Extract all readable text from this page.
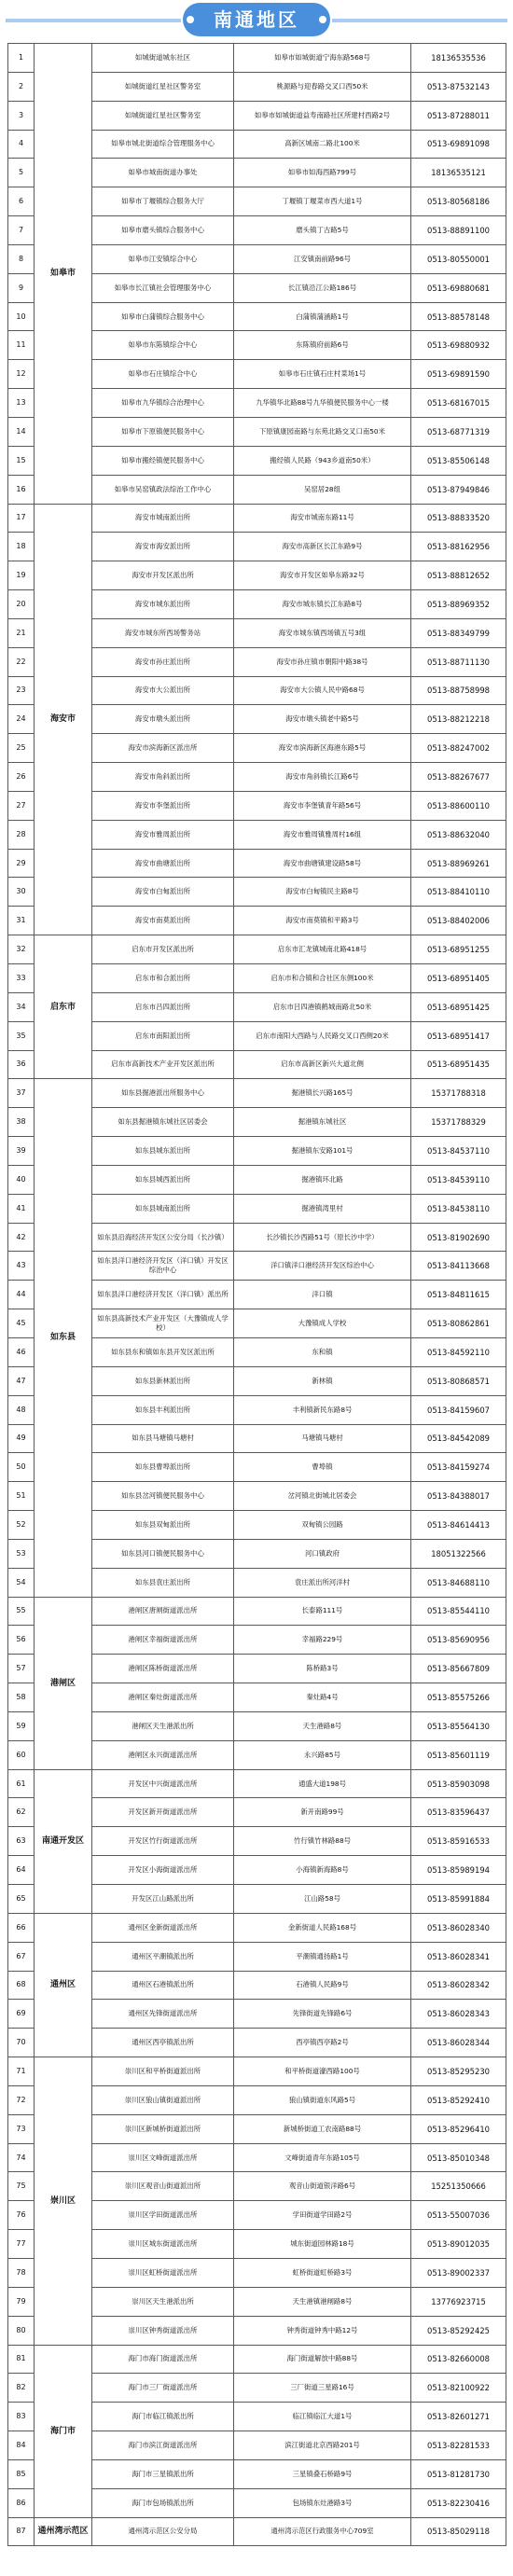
南通地区
1	如皋市	如城街道城东社区	如皋市如城街道宁海东路568号	18136535536
2		如城街道红星社区警务室	桃源路与迎春路交叉口西50米	0513-87532143
3		如城街道红星社区警务室	如皋市如城街道益寿南路社区所建村西路2号	0513-87288011
4		如皋市城北街道综合管理服务中心	高新区城南二路北100米	0513-69891098
5		如皋市城南街道办事处	如皋市如海西路799号	18136535121
6		如皋市丁堰镇综合服务大厅	丁堰镇丁堰菜市西大道1号	0513-80568186
7		如皋市磨头镇综合服务中心	磨头镇丁古路5号	0513-88891100
8		如皋市江安镇综合中心	江安镇南前路96号	0513-80550001
9		如皋市长江镇社会管理服务中心	长江镇沿江公路186号	0513-69880681
10		如皋市白蒲镇综合服务中心	白蒲镇蒲涵路1号	0513-88578148
11		如皋市东陈镇综合中心	东陈镇府前路6号	0513-69880932
12		如皋市石庄镇综合中心	如皋市石庄镇石庄村菜场1号	0513-69891590
13		如皋市九华镇综合治理中心	九华镇华北路88号九华镇便民服务中心一楼	0513-68167015
14		如皋市下原镇便民服务中心	下原镇康园南路与东苑北路交叉口南50米	0513-68771319
15		如皋市搬经镇便民服务中心	搬经镇人民路（943乡道南50米）	0513-85506148
16		如皋市吴窑镇政法综治工作中心	吴窑居28组	0513-87949846
17	海安市	海安市城南派出所	海安市城南东路11号	0513-88833520
18		海安市海安派出所	海安市高新区长江东路9号	0513-88162956
19		海安市开发区派出所	海安市开发区如皋东路32号	0513-88812652
20		海安市城东派出所	海安市城东镇长江东路8号	0513-88969352
21		海安市城东所西场警务站	海安市城东镇西场镇五号3组	0513-88349799
22		海安市孙庄派出所	海安市孙庄镇市朝阳中路38号	0513-88711130
23		海安市大公派出所	海安市大公镇人民中路68号	0513-88758998
24		海安市墩头派出所	海安市墩头镇老中路5号	0513-88212218
25		海安市滨海新区派出所	海安市滨海新区海港东路5号	0513-88247002
26		海安市角斜派出所	海安市角斜镇长江路6号	0513-88267677
27		海安市李堡派出所	海安市李堡镇青年路56号	0513-88600110
28		海安市雅周派出所	海安市雅周镇雅周村16组	0513-88632040
29		海安市曲塘派出所	海安市曲塘镇建设路58号	0513-88969261
30		海安市白甸派出所	海安市白甸镇民主路8号	0513-88410110
31		海安市南莫派出所	海安市南莫镇和平路3号	0513-88402006
32	启东市	启东市开发区派出所	启东市汇龙镇城南北路418号	0513-68951255
33		启东市和合派出所	启东市和合镇和合社区东侧100米	0513-68951405
34		启东市吕四派出所	启东市吕四港镇鹤城南路北50米	0513-68951425
35		启东市南阳派出所	启东市南阳大西路与人民路交叉口西侧20米	0513-68951417
36		启东市高新技术产业开发区派出所	启东市高新区新兴大道北侧	0513-68951435
37	如东县	如东县掘港派出所服务中心	掘港镇长兴路165号	15371788318
38		如东县掘港镇东城社区居委会	掘港镇东城社区	15371788329
39		如东县城东派出所	掘港镇东安路101号	0513-84537110
40		如东县城西派出所	掘港镇环北路	0513-84539110
41		如东县城南派出所	掘港镇湾里村	0513-84538110
42		如东县沿海经济开发区公安分局（长沙镇）	长沙镇长沙西路51号（原长沙中学）	0513-81902690
43		如东县洋口港经济开发区（洋口镇）开发区综治中心	洋口镇洋口港经济开发区综治中心	0513-84113668
44		如东县洋口港经济开发区（洋口镇）派出所	洋口镇	0513-84811615
45		如东县高新技术产业开发区（大豫镇成人学校）	大豫镇成人学校	0513-80862861
46		如东县东和镇如东县开发区派出所	东和镇	0513-84592110
47		如东县新林派出所	新林镇	0513-80868571
48		如东县丰利派出所	丰利镇新民东路8号	0513-84159607
49		如东县马塘镇马塘村	马塘镇马塘村	0513-84542089
50		如东县曹埠派出所	曹埠镇	0513-84159274
51		如东县岔河镇便民服务中心	岔河镇北街城北居委会	0513-84388017
52		如东县双甸派出所	双甸镇公园路	0513-84614413
53		如东县河口镇便民服务中心	河口镇政府	18051322566
54		如东县袁庄派出所	袁庄派出所河洋村	0513-84688110
55	港闸区	港闸区唐闸街道派出所	长泰路111号	0513-85544110
56		港闸区幸福街道派出所	幸福路229号	0513-85690956
57		港闸区陈桥街道派出所	陈桥路3号	0513-85667809
58		港闸区秦灶街道派出所	秦灶路4号	0513-85575266
59		港闸区天生港派出所	天生港路8号	0513-85564130
60		港闸区永兴街道派出所	永兴路85号	0513-85601119
61	南通开发区	开发区中兴街道派出所	通盛大道198号	0513-85903098
62		开发区新开街道派出所	新开南路99号	0513-83596437
63		开发区竹行街道派出所	竹行镇竹林路88号	0513-85916533
64		开发区小海街道派出所	小海镇新海路8号	0513-85989194
65		开发区江山路派出所	江山路58号	0513-85991884
66	通州区	通州区金新街道派出所	金新街道人民路168号	0513-86028340
67		通州区平潮镇派出所	平潮镇通扬路1号	0513-86028341
68		通州区石港镇派出所	石港镇人民路9号	0513-86028342
69		通州区先锋街道派出所	先锋街道先锋路6号	0513-86028343
70		通州区西亭镇派出所	西亭镇西亭路2号	0513-86028344
71	崇川区	崇川区和平桥街道派出所	和平桥街道濠西路100号	0513-85295230
72		崇川区狼山镇街道派出所	狼山镇街道东风路5号	0513-85292410
73		崇川区新城桥街道派出所	新城桥街道工农南路88号	0513-85296410
74		崇川区文峰街道派出所	文峰街道青年东路105号	0513-85010348
75		崇川区观音山街道派出所	观音山街道银洋路6号	15251350666
76		崇川区学田街道派出所	学田街道学田路2号	0513-55007036
77		崇川区城东街道派出所	城东街道园林路18号	0513-89012035
78		崇川区虹桥街道派出所	虹桥街道虹桥路3号	0513-89002337
79		崇川区天生港派出所	天生港镇港闸路8号	13776923715
80		崇川区钟秀街道派出所	钟秀街道钟秀中路12号	0513-85292425
81	海门市	海门市海门街道派出所	海门街道解放中路88号	0513-82660008
82		海门市三厂街道派出所	三厂街道三星路16号	0513-82100922
83		海门市临江镇派出所	临江镇临江大道1号	0513-82601271
84		海门市滨江街道派出所	滨江街道北京西路201号	0513-82281533
85		海门市三星镇派出所	三星镇叠石桥路9号	0513-81281730
86		海门市包场镇派出所	包场镇东灶港路3号	0513-82230416
87	通州湾示范区	通州湾示范区公安分局	通州湾示范区行政服务中心709室	0513-85029118
